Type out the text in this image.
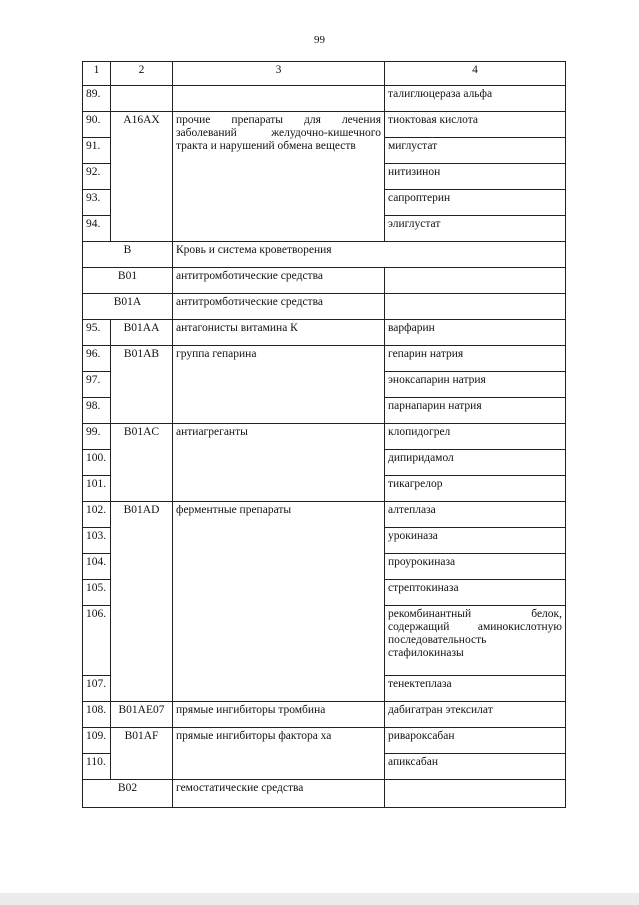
99
1	2	3	4
89.			талиглюцераза альфа
90.	A16AX	прочие препараты для лечения заболеваний желудочно-кишечного тракта и нарушений обмена веществ	тиоктовая кислота
91.			миглустат
92.			нитизинон
93.			сапроптерин
94.			элиглустат
B		Кровь и система кроветворения	
B01		антитромботические средства	
B01A		антитромботические средства	
95.	B01AA	антагонисты витамина К	варфарин
96.	B01AB	группа гепарина	гепарин натрия
97.			эноксапарин натрия
98.			парнапарин натрия
99.	B01AC	антиагреганты	клопидогрел
100.			дипиридамол
101.			тикагрелор
102.	B01AD	ферментные препараты	алтеплаза
103.			урокиназа
104.			проурокиназа
105.			стрептокиназа
106.			рекомбинантный белок, содержащий аминокислотную последовательность стафилокиназы
107.			тенектеплаза
108.	B01AE07	прямые ингибиторы тромбина	дабигатран этексилат
109.	B01AF	прямые ингибиторы фактора ха	ривароксабан
110.			апиксабан
B02		гемостатические средства	
